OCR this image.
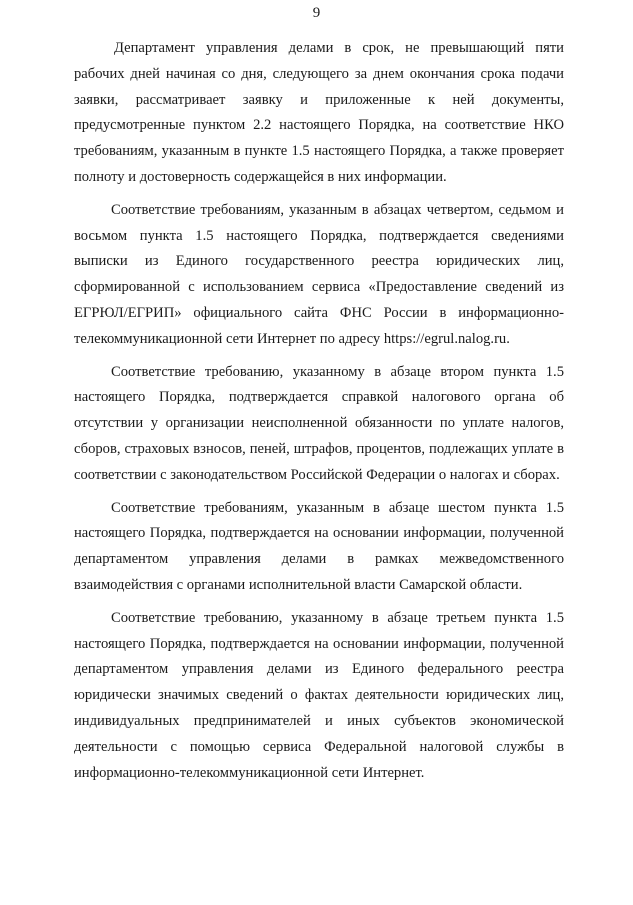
9

Департамент управления делами в срок, не превышающий пяти рабочих дней начиная со дня, следующего за днем окончания срока подачи заявки, рассматривает заявку и приложенные к ней документы, предусмотренные пунктом 2.2 настоящего Порядка, на соответствие НКО требованиям, указанным в пункте 1.5 настоящего Порядка, а также проверяет полноту и достоверность содержащейся в них информации.

Соответствие требованиям, указанным в абзацах четвертом, седьмом и восьмом пункта 1.5 настоящего Порядка, подтверждается сведениями выписки из Единого государственного реестра юридических лиц, сформированной с использованием сервиса «Предоставление сведений из ЕГРЮЛ/ЕГРИП» официального сайта ФНС России в информационно-телекоммуникационной сети Интернет по адресу https://egrul.nalog.ru.

Соответствие требованию, указанному в абзаце втором пункта 1.5 настоящего Порядка, подтверждается справкой налогового органа об отсутствии у организации неисполненной обязанности по уплате налогов, сборов, страховых взносов, пеней, штрафов, процентов, подлежащих уплате в соответствии с законодательством Российской Федерации о налогах и сборах.

Соответствие требованиям, указанным в абзаце шестом пункта 1.5 настоящего Порядка, подтверждается на основании информации, полученной департаментом управления делами в рамках межведомственного взаимодействия с органами исполнительной власти Самарской области.

Соответствие требованию, указанному в абзаце третьем пункта 1.5 настоящего Порядка, подтверждается на основании информации, полученной департаментом управления делами из Единого федерального реестра юридически значимых сведений о фактах деятельности юридических лиц, индивидуальных предпринимателей и иных субъектов экономической деятельности с помощью сервиса Федеральной налоговой службы в информационно-телекоммуникационной сети Интернет.
